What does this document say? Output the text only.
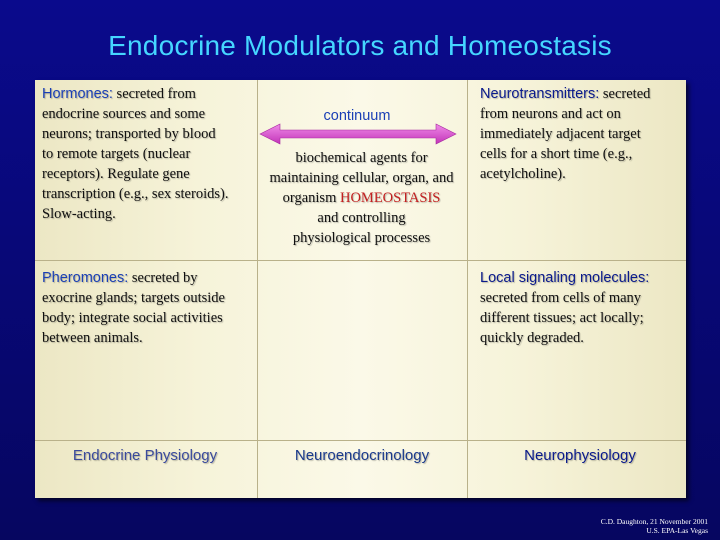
Endocrine Modulators and Homeostasis
Hormones: secreted from
endocrine sources and some
neurons; transported by blood
to remote targets (nuclear
receptors). Regulate gene
transcription (e.g., sex steroids).
Slow-acting.
Neurotransmitters: secreted
from neurons and act on
immediately adjacent target
cells for a short time (e.g.,
acetylcholine).
continuum
biochemical agents for
maintaining cellular, organ, and
organism HOMEOSTASIS
and controlling
physiological processes
Pheromones: secreted by
exocrine glands; targets outside
body; integrate social activities
between animals.
Local signaling molecules:
secreted from cells of many
different tissues; act locally;
quickly degraded.
Endocrine Physiology	Neuroendocrinology	Neurophysiology
C.D. Daughton, 21 November 2001
U.S. EPA-Las Vegas
